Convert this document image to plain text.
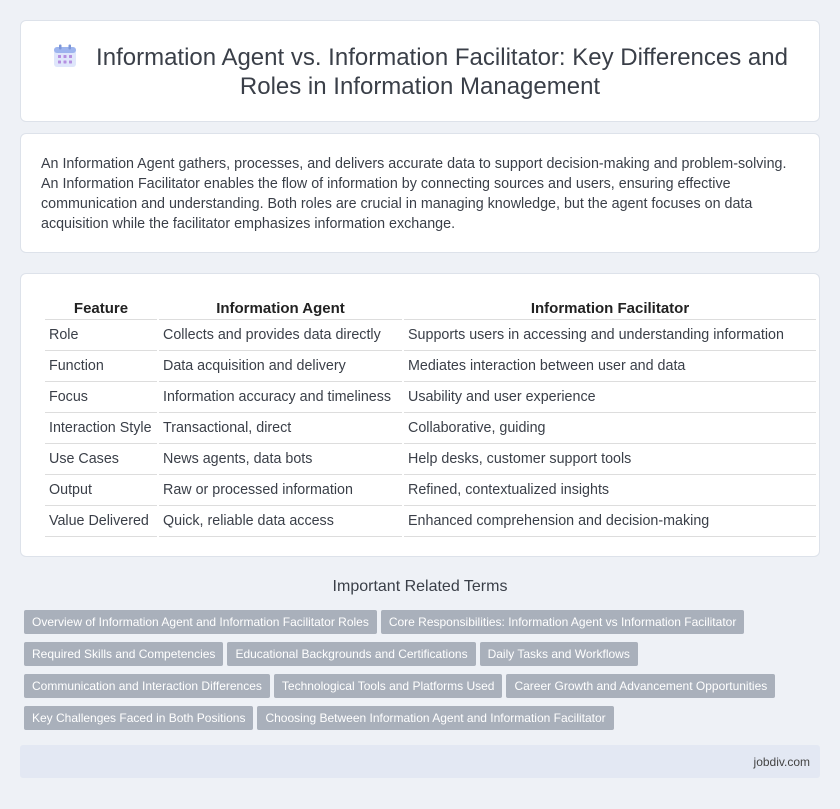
Information Agent vs. Information Facilitator: Key Differences and Roles in Information Management

An Information Agent gathers, processes, and delivers accurate data to support decision-making and problem-solving. An Information Facilitator enables the flow of information by connecting sources and users, ensuring effective communication and understanding. Both roles are crucial in managing knowledge, but the agent focuses on data acquisition while the facilitator emphasizes information exchange.

Feature	Information Agent	Information Facilitator
Role	Collects and provides data directly	Supports users in accessing and understanding information
Function	Data acquisition and delivery	Mediates interaction between user and data
Focus	Information accuracy and timeliness	Usability and user experience
Interaction Style	Transactional, direct	Collaborative, guiding
Use Cases	News agents, data bots	Help desks, customer support tools
Output	Raw or processed information	Refined, contextualized insights
Value Delivered	Quick, reliable data access	Enhanced comprehension and decision-making
Important Related Terms
Overview of Information Agent and Information Facilitator Roles Core Responsibilities: Information Agent vs Information Facilitator
Required Skills and Competencies Educational Backgrounds and Certifications Daily Tasks and Workflows
Communication and Interaction Differences Technological Tools and Platforms Used Career Growth and Advancement Opportunities
Key Challenges Faced in Both Positions Choosing Between Information Agent and Information Facilitator
jobdiv.com
